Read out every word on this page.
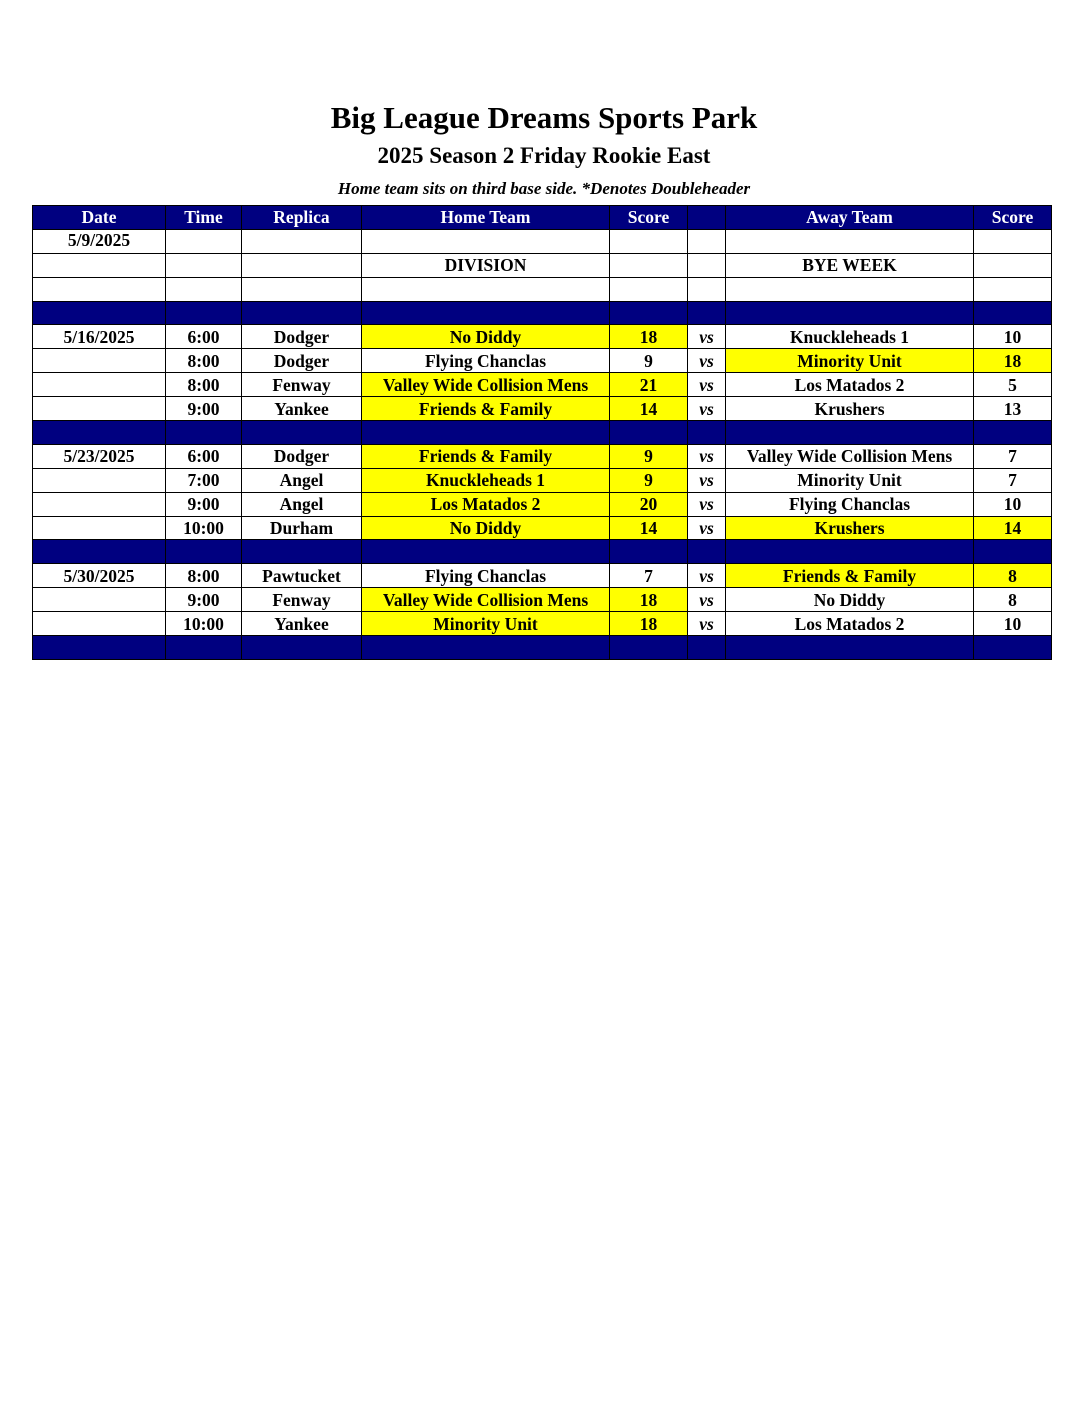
Big League Dreams Sports Park
2025 Season 2 Friday Rookie East
Home team sits on third base side. *Denotes Doubleheader
Date	Time	Replica	Home Team	Score		Away Team	Score
5/9/2025							
			DIVISION			BYE WEEK	

5/16/2025	6:00	Dodger	No Diddy	18	vs	Knuckleheads 1	10
	8:00	Dodger	Flying Chanclas	9	vs	Minority Unit	18
	8:00	Fenway	Valley Wide Collision Mens	21	vs	Los Matados 2	5
	9:00	Yankee	Friends & Family	14	vs	Krushers	13

5/23/2025	6:00	Dodger	Friends & Family	9	vs	Valley Wide Collision Mens	7
	7:00	Angel	Knuckleheads 1	9	vs	Minority Unit	7
	9:00	Angel	Los Matados 2	20	vs	Flying Chanclas	10
	10:00	Durham	No Diddy	14	vs	Krushers	14

5/30/2025	8:00	Pawtucket	Flying Chanclas	7	vs	Friends & Family	8
	9:00	Fenway	Valley Wide Collision Mens	18	vs	No Diddy	8
	10:00	Yankee	Minority Unit	18	vs	Los Matados 2	10
